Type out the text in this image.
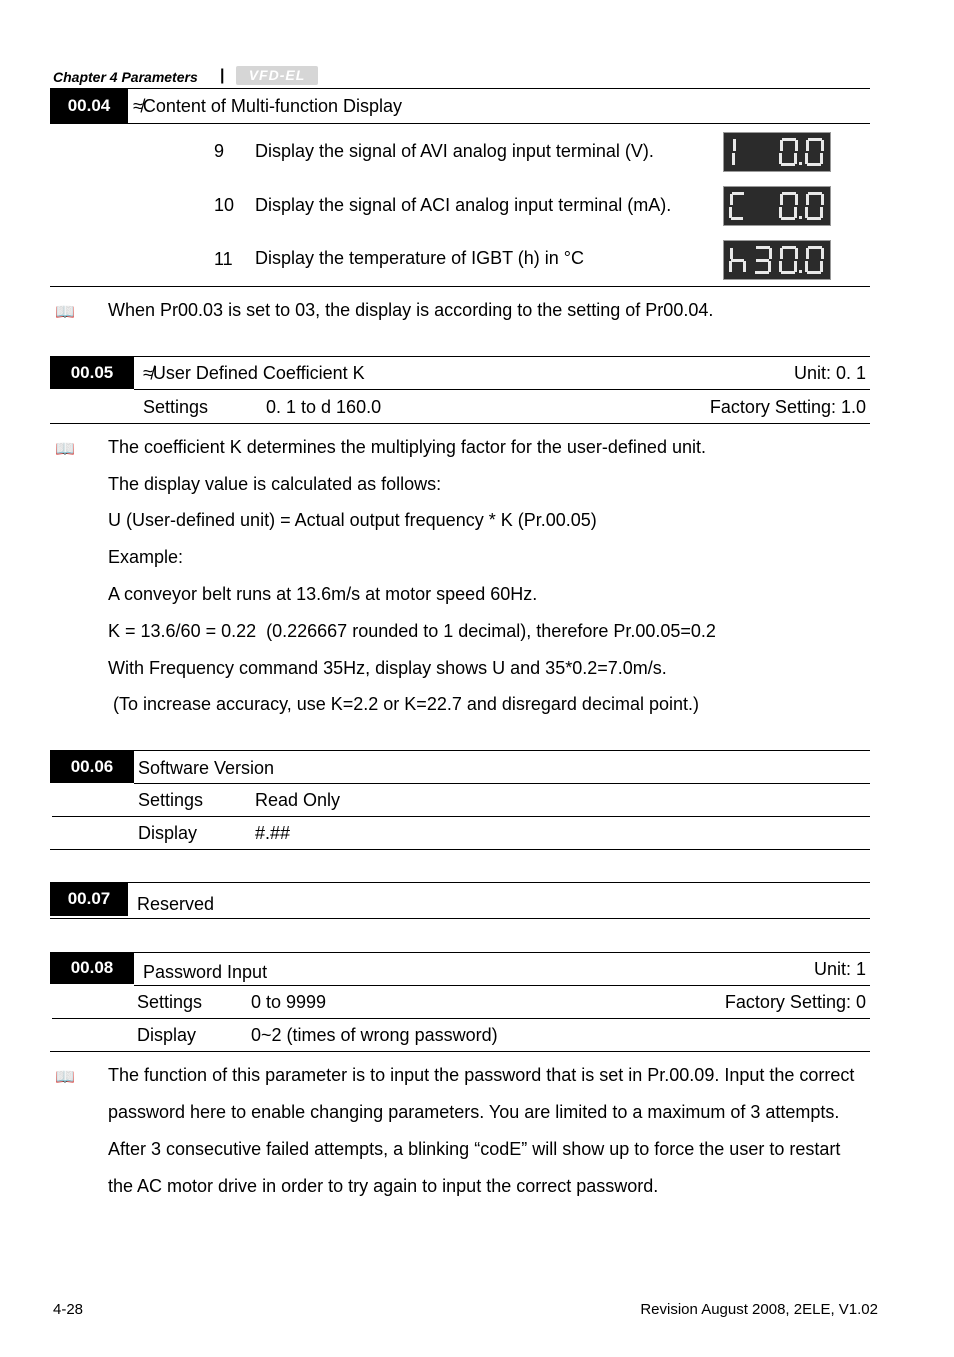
Chapter 4 Parameters |	VFD-EL
00.04	≉Content of Multi-function Display
9 Display the signal of AVI analog input terminal (V).
10 Display the signal of ACI analog input terminal (mA).
11 Display the temperature of IGBT (h) in °C
📖 When Pr00.03 is set to 03, the display is according to the setting of Pr00.04.
00.05	≉User Defined Coefficient K	Unit: 0. 1
Settings	0. 1 to d 160.0	Factory Setting: 1.0
📖 The coefficient K determines the multiplying factor for the user-defined unit.
The display value is calculated as follows:
U (User-defined unit) = Actual output frequency * K (Pr.00.05)
Example:
A conveyor belt runs at 13.6m/s at motor speed 60Hz.
K = 13.6/60 = 0.22  (0.226667 rounded to 1 decimal), therefore Pr.00.05=0.2
With Frequency command 35Hz, display shows U and 35*0.2=7.0m/s.
(To increase accuracy, use K=2.2 or K=22.7 and disregard decimal point.)
00.06	Software Version
Settings	Read Only
Display	#.##
00.07	Reserved
00.08	Password Input	Unit: 1
Settings	0 to 9999	Factory Setting: 0
Display	0~2 (times of wrong password)
📖 The function of this parameter is to input the password that is set in Pr.00.09. Input the correct
password here to enable changing parameters. You are limited to a maximum of 3 attempts.
After 3 consecutive failed attempts, a blinking “codE” will show up to force the user to restart
the AC motor drive in order to try again to input the correct password.
4-28	Revision August 2008, 2ELE, V1.02
